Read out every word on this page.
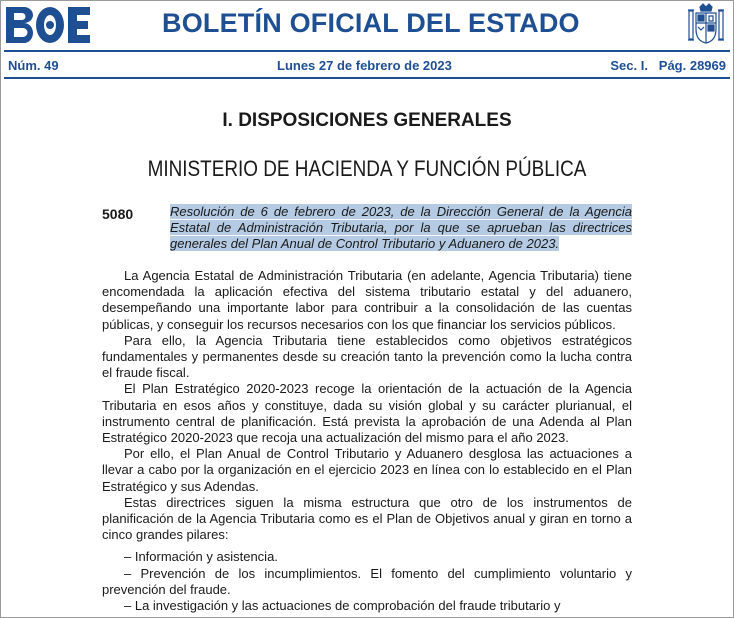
BOLETÍN OFICIAL DEL ESTADO
Núm. 49	Lunes 27 de febrero de 2023	Sec. I.   Pág. 28969
I. DISPOSICIONES GENERALES
MINISTERIO DE HACIENDA Y FUNCIÓN PÚBLICA
5080	Resolución de 6 de febrero de 2023, de la Dirección General de la Agencia Estatal de Administración Tributaria, por la que se aprueban las directrices generales del Plan Anual de Control Tributario y Aduanero de 2023.

La Agencia Estatal de Administración Tributaria (en adelante, Agencia Tributaria) tiene encomendada la aplicación efectiva del sistema tributario estatal y del aduanero, desempeñando una importante labor para contribuir a la consolidación de las cuentas públicas, y conseguir los recursos necesarios con los que financiar los servicios públicos.

Para ello, la Agencia Tributaria tiene establecidos como objetivos estratégicos fundamentales y permanentes desde su creación tanto la prevención como la lucha contra el fraude fiscal.

El Plan Estratégico 2020-2023 recoge la orientación de la actuación de la Agencia Tributaria en esos años y constituye, dada su visión global y su carácter plurianual, el instrumento central de planificación. Está prevista la aprobación de una Adenda al Plan Estratégico 2020-2023 que recoja una actualización del mismo para el año 2023.

Por ello, el Plan Anual de Control Tributario y Aduanero desglosa las actuaciones a llevar a cabo por la organización en el ejercicio 2023 en línea con lo establecido en el Plan Estratégico y sus Adendas.

Estas directrices siguen la misma estructura que otro de los instrumentos de planificación de la Agencia Tributaria como es el Plan de Objetivos anual y giran en torno a cinco grandes pilares:

– Información y asistencia.

– Prevención de los incumplimientos. El fomento del cumplimiento voluntario y prevención del fraude.

– La investigación y las actuaciones de comprobación del fraude tributario y
